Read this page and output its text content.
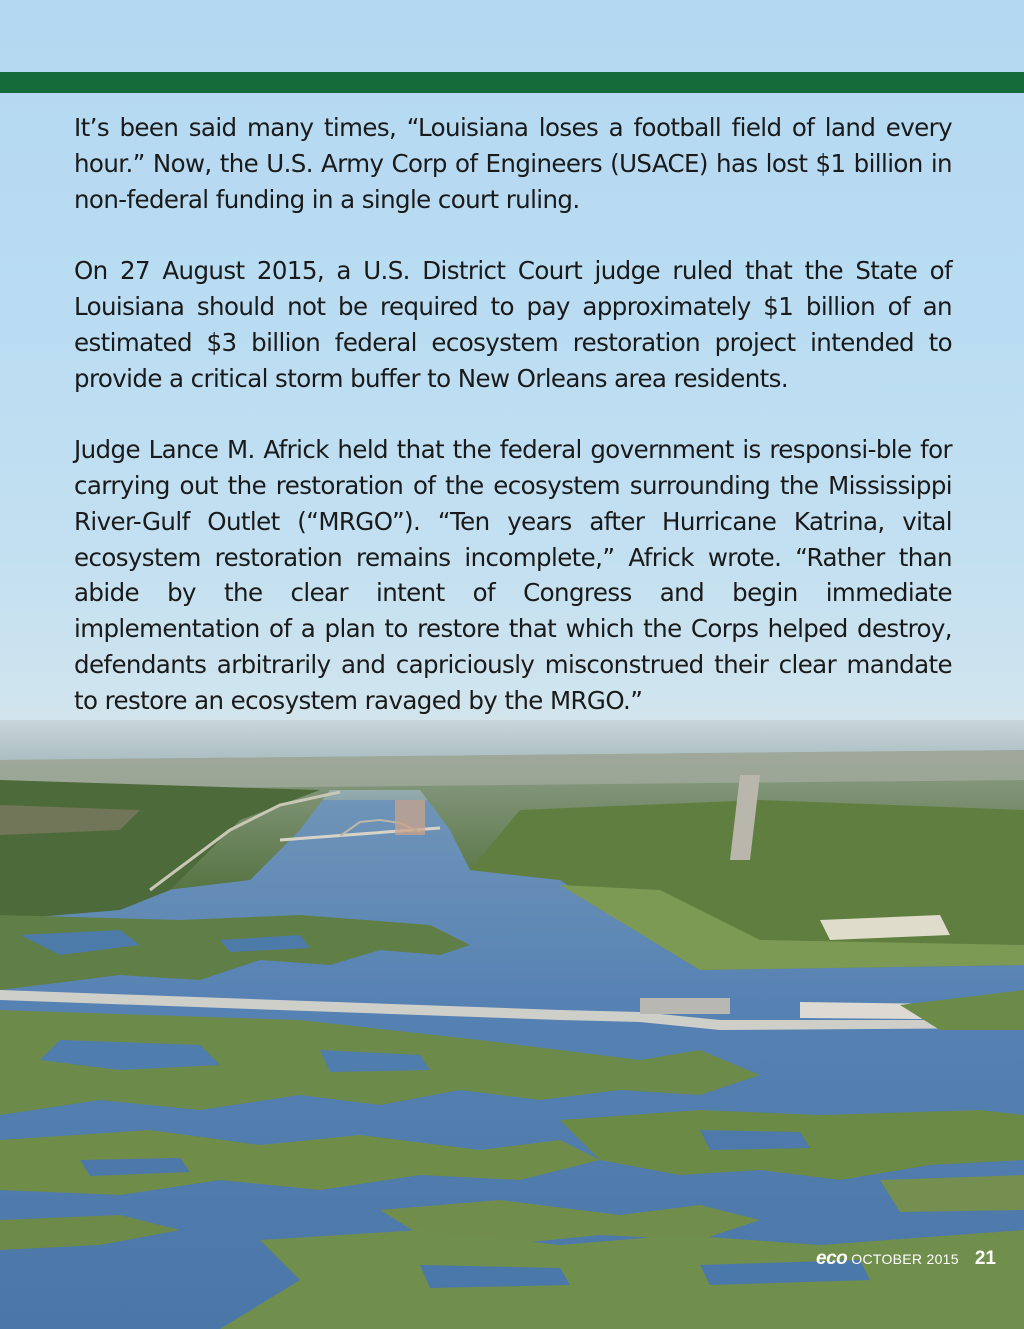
It’s been said many times, “Louisiana loses a football field of land every hour.” Now, the U.S. Army Corp of Engineers (USACE) has lost $1 billion in non-federal funding in a single court ruling.

On 27 August 2015, a U.S. District Court judge ruled that the State of Louisiana should not be required to pay approximately $1 billion of an estimated $3 billion federal ecosystem restoration project intended to provide a critical storm buffer to New Orleans area residents.

Judge Lance M. Africk held that the federal government is responsi-ble for carrying out the restoration of the ecosystem surrounding the Mississippi River-Gulf Outlet (“MRGO”). “Ten years after Hurricane Katrina, vital ecosystem restoration remains incomplete,” Africk wrote. “Rather than abide by the clear intent of Congress and begin immediate implementation of a plan to restore that which the Corps helped destroy, defendants arbitrarily and capriciously misconstrued their clear mandate to restore an ecosystem ravaged by the MRGO.”

eco OCTOBER 2015 21
